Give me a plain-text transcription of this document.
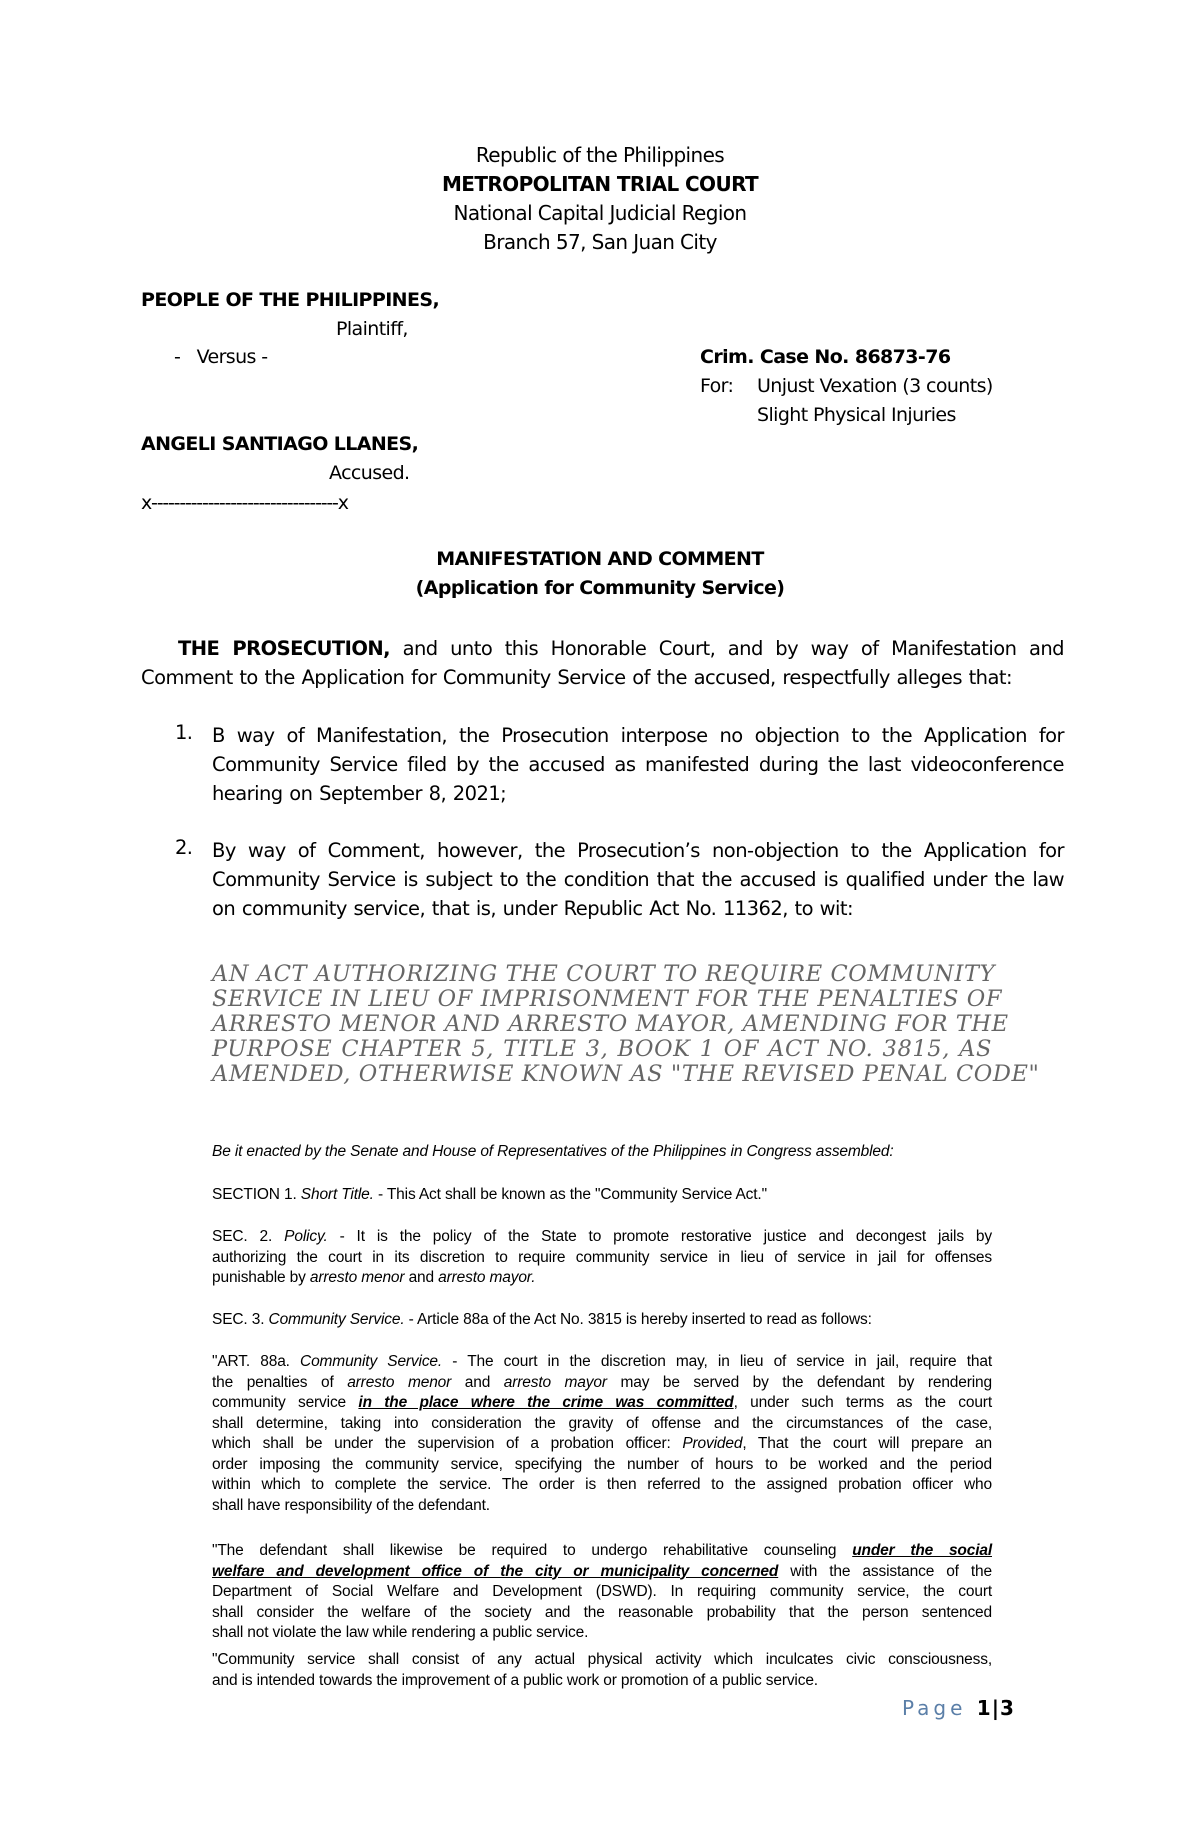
Republic of the Philippines
METROPOLITAN TRIAL COURT
National Capital Judicial Region
Branch 57, San Juan City
PEOPLE OF THE PHILIPPINES,
Plaintiff,
-   Versus -
ANGELI SANTIAGO LLANES,
Accused.
x---------------------------------x
Crim. Case No. 86873-76
For: Unjust Vexation (3 counts)
Slight Physical Injuries
MANIFESTATION AND COMMENT
(Application for Community Service)
THE PROSECUTION, and unto this Honorable Court, and by way of Manifestation and
Comment to the Application for Community Service of the accused, respectfully alleges that:
1. B way of Manifestation, the Prosecution interpose no objection to the Application for
Community Service filed by the accused as manifested during the last videoconference
hearing on September 8, 2021;
2. By way of Comment, however, the Prosecution’s non-objection to the Application for
Community Service is subject to the condition that the accused is qualified under the law
on community service, that is, under Republic Act No. 11362, to wit:
AN ACT AUTHORIZING THE COURT TO REQUIRE COMMUNITY
SERVICE IN LIEU OF IMPRISONMENT FOR THE PENALTIES OF
ARRESTO MENOR AND ARRESTO MAYOR, AMENDING FOR THE
PURPOSE CHAPTER 5, TITLE 3, BOOK 1 OF ACT NO. 3815, AS
AMENDED, OTHERWISE KNOWN AS "THE REVISED PENAL CODE"
Be it enacted by the Senate and House of Representatives of the Philippines in Congress assembled:
SECTION 1. Short Title. - This Act shall be known as the "Community Service Act."
SEC. 2. Policy. - It is the policy of the State to promote restorative justice and decongest jails by
authorizing the court in its discretion to require community service in lieu of service in jail for offenses
punishable by arresto menor and arresto mayor.
SEC. 3. Community Service. - Article 88a of the Act No. 3815 is hereby inserted to read as follows:
"ART. 88a. Community Service. - The court in the discretion may, in lieu of service in jail, require that
the penalties of arresto menor and arresto mayor may be served by the defendant by rendering
community service in the place where the crime was committed, under such terms as the court
shall determine, taking into consideration the gravity of offense and the circumstances of the case,
which shall be under the supervision of a probation officer: Provided, That the court will prepare an
order imposing the community service, specifying the number of hours to be worked and the period
within which to complete the service. The order is then referred to the assigned probation officer who
shall have responsibility of the defendant.
"The defendant shall likewise be required to undergo rehabilitative counseling under the social
welfare and development office of the city or municipality concerned with the assistance of the
Department of Social Welfare and Development (DSWD). In requiring community service, the court
shall consider the welfare of the society and the reasonable probability that the person sentenced
shall not violate the law while rendering a public service.
"Community service shall consist of any actual physical activity which inculcates civic consciousness,
and is intended towards the improvement of a public work or promotion of a public service.
Page 1|3
